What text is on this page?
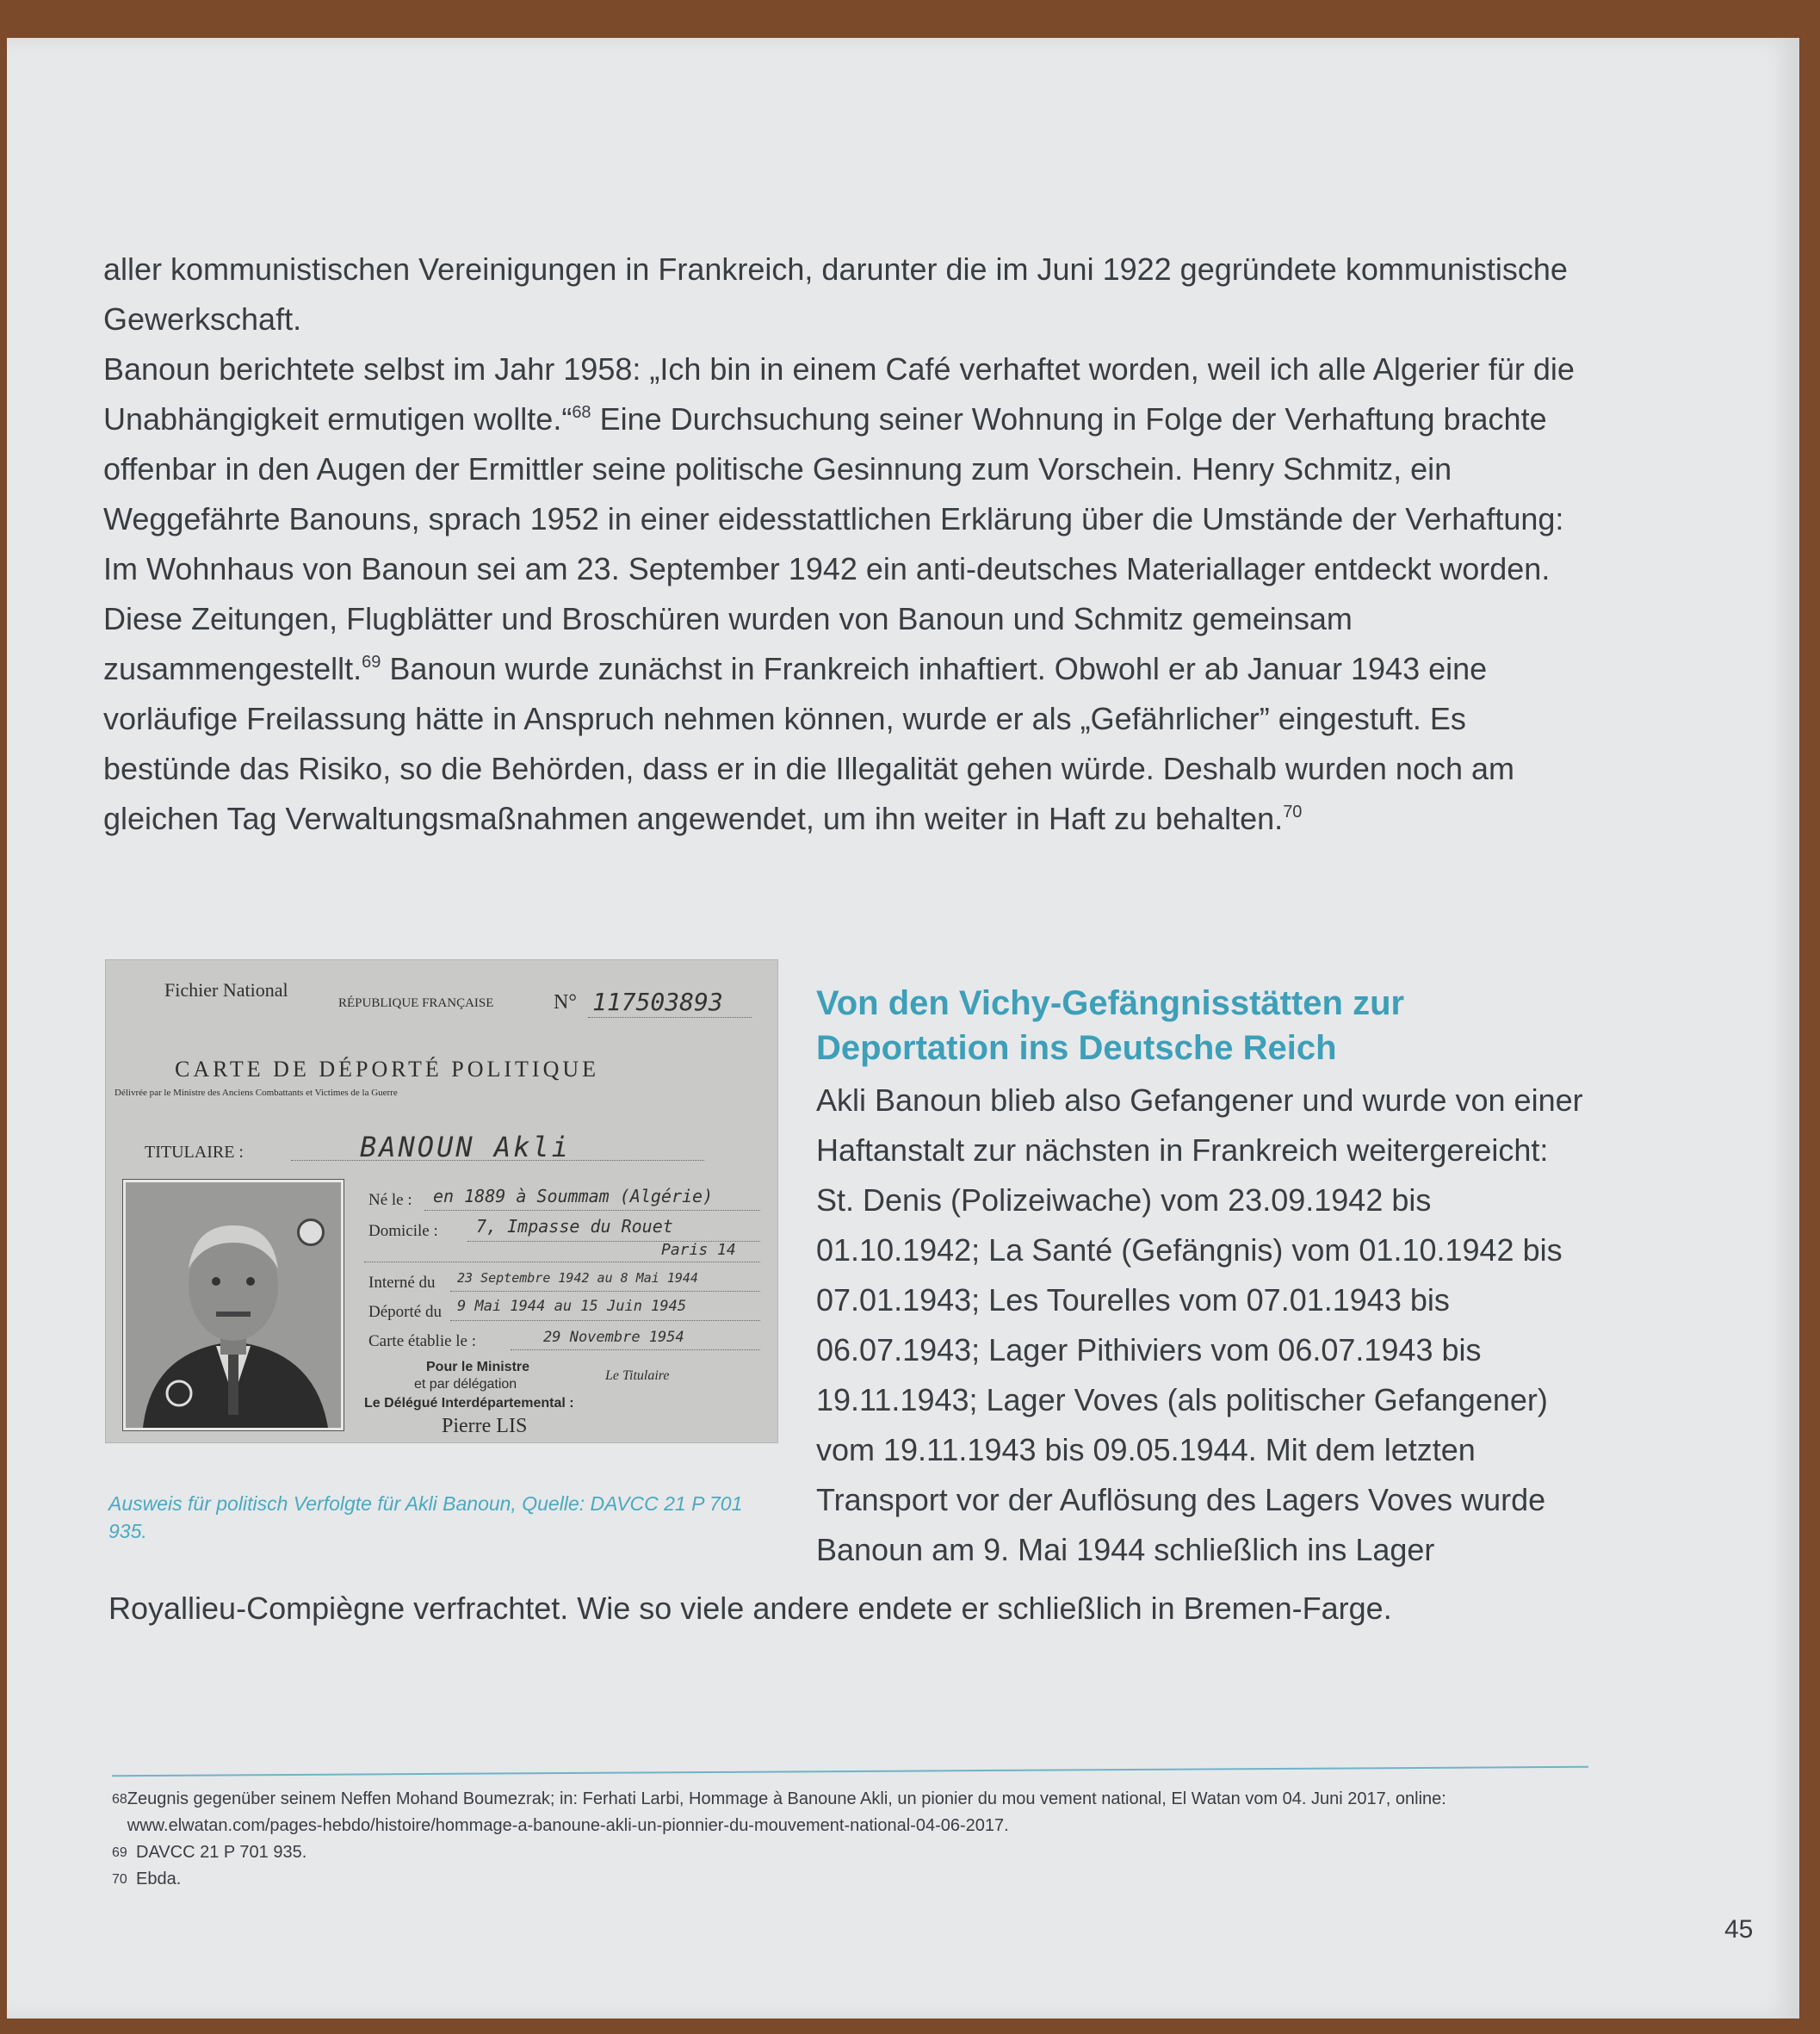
aller kommunistischen Vereinigungen in Frankreich, darunter die im Juni 1922 gegründete kommunistische Gewerkschaft.

Banoun berichtete selbst im Jahr 1958: „Ich bin in einem Café verhaftet worden, weil ich alle Algerier für die Unabhängigkeit ermutigen wollte.“$^{68}$ Eine Durchsuchung seiner Wohnung in Folge der Verhaftung brachte offenbar in den Augen der Ermittler seine politische Gesinnung zum Vorschein. Henry Schmitz, ein Weggefährte Banouns, sprach 1952 in einer eidesstattlichen Erklärung über die Umstände der Verhaftung: Im Wohnhaus von Banoun sei am 23. September 1942 ein anti-deutsches Materiallager entdeckt worden. Diese Zeitungen, Flugblätter und Broschüren wurden von Banoun und Schmitz gemeinsam zusammengestellt.$^{69}$ Banoun wurde zunächst in Frankreich inhaftiert. Obwohl er ab Januar 1943 eine vorläufige Freilassung hätte in Anspruch nehmen können, wurde er als „Gefährlicher” eingestuft. Es bestünde das Risiko, so die Behörden, dass er in die Illegalität gehen würde. Deshalb wurden noch am gleichen Tag Verwaltungsmaßnahmen angewendet, um ihn weiter in Haft zu behalten.$^{70}$

Fichier National
RÉPUBLIQUE FRANÇAISE	N° 117503893
CARTE DE DÉPORTÉ POLITIQUE
Délivrée par le Ministre des Anciens Combattants et Victimes de la Guerre
TITULAIRE :	BANOUN Akli
Né le : en 1889 à Soummam (Algérie)
Domicile : 7, Impasse du Rouet
Paris 14
Interné du 23 Septembre 1942 au 8 Mai 1944
Déporté du 9 Mai 1944 au 15 Juin 1945
Carte établie le :	29 Novembre 1954
Pour le Ministre
et par délégation
Le Titulaire
Le Délégué Interdépartemental :
Pierre LIS
Ausweis für politisch Verfolgte für Akli Banoun, Quelle: DAVCC 21 P 701 935.
Von den Vichy-Gefängnisstätten zur Deportation ins Deutsche Reich
Akli Banoun blieb also Gefangener und wurde von einer Haftanstalt zur nächsten in Frankreich weitergereicht: St. Denis (Polizeiwache) vom 23.09.1942 bis 01.10.1942; La Santé (Gefängnis) vom 01.10.1942 bis 07.01.1943; Les Tourelles vom 07.01.1943 bis 06.07.1943; Lager Pithiviers vom 06.07.1943 bis 19.11.1943; Lager Voves (als politischer Gefangener) vom 19.11.1943 bis 09.05.1944. Mit dem letzten Transport vor der Auflösung des Lagers Voves wurde Banoun am 9. Mai 1944 schließlich ins Lager
Royallieu-Compiègne verfrachtet. Wie so viele andere endete er schließlich in Bremen-Farge.
68 Zeugnis gegenüber seinem Neffen Mohand Boumezrak; in: Ferhati Larbi, Hommage à Banoune Akli, un pionier du mou vement national, El Watan vom 04. Juni 2017, online: www.elwatan.com/pages-hebdo/histoire/hommage-a-banoune-akli-un-pionnier-du-mouvement-national-04-06-2017.
69 DAVCC 21 P 701 935.
70 Ebda.
45
